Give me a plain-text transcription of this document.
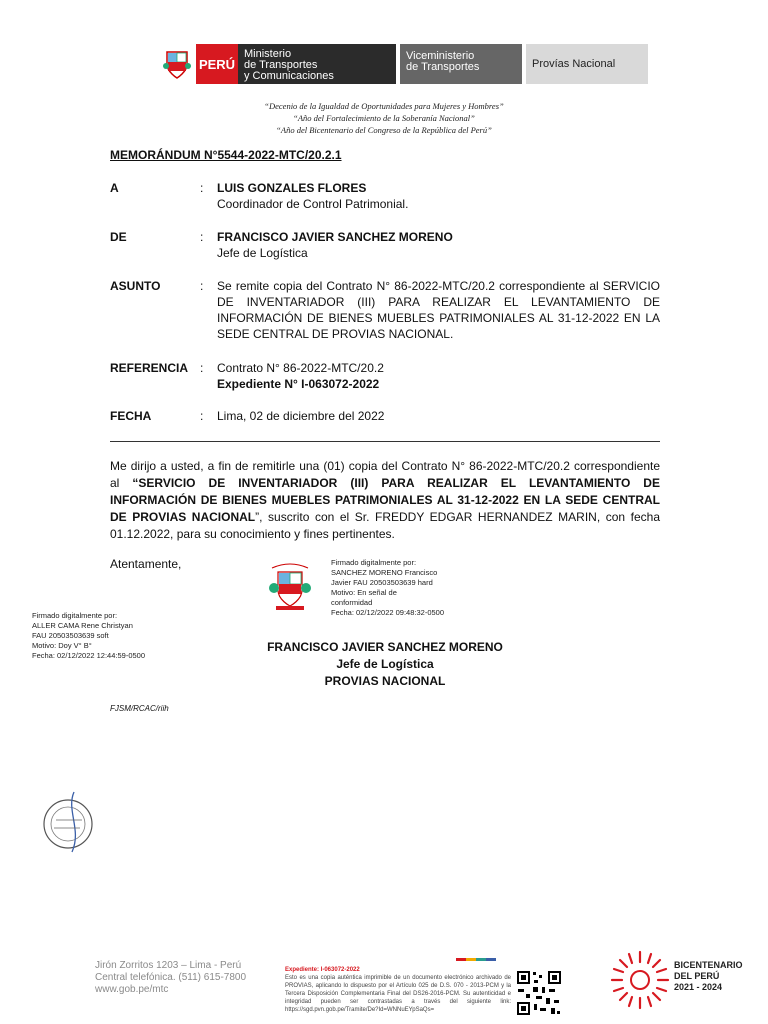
PERÚ
Ministerio
de Transportes
y Comunicaciones
Viceministerio
de Transportes	Provías Nacional
“Decenio de la Igualdad de Oportunidades para Mujeres y Hombres”
“Año del Fortalecimiento de la Soberanía Nacional”
“Año del Bicentenario del Congreso de la República del Perú”
MEMORÁNDUM N°5544-2022-MTC/20.2.1
A	: LUIS GONZALES FLORES
Coordinador de Control Patrimonial.
DE	: FRANCISCO JAVIER SANCHEZ MORENO
Jefe de Logística
ASUNTO	: Se remite copia del Contrato N° 86-2022-MTC/20.2 correspondiente al SERVICIO DE INVENTARIADOR (III) PARA REALIZAR EL LEVANTAMIENTO DE INFORMACIÓN DE BIENES MUEBLES PATRIMONIALES AL 31-12-2022 EN LA SEDE CENTRAL DE PROVIAS NACIONAL.
REFERENCIA : Contrato N° 86-2022-MTC/20.2
Expediente N° I-063072-2022
FECHA	: Lima, 02 de diciembre del 2022
Me dirijo a usted, a fin de remitirle una (01) copia del Contrato N° 86-2022-MTC/20.2 correspondiente al “SERVICIO DE INVENTARIADOR (III) PARA REALIZAR EL LEVANTAMIENTO DE INFORMACIÓN DE BIENES MUEBLES PATRIMONIALES AL 31-12-2022 EN LA SEDE CENTRAL DE PROVIAS NACIONAL”, suscrito con el Sr. FREDDY EDGAR HERNANDEZ MARIN, con fecha 01.12.2022, para su conocimiento y fines pertinentes.
Atentamente,	Firmado digitalmente por:
SANCHEZ MORENO Francisco
Javier FAU 20503503639 hard
Motivo: En señal de
conformidad
Fecha: 02/12/2022 09:48:32-0500
Firmado digitalmente por:
ALLER CAMA Rene Christyan
FAU 20503503639 soft
Motivo: Doy V° B°
Fecha: 02/12/2022 12:44:59-0500
FRANCISCO JAVIER SANCHEZ MORENO
Jefe de Logística
PROVIAS NACIONAL
FJSM/RCAC/riih
Jirón Zorritos 1203 – Lima - Perú
Central telefónica. (511) 615-7800
www.gob.pe/mtc
Expediente: I-063072-2022
Esto es una copia auténtica imprimible de un documento electrónico archivado de PROVIAS, aplicando lo dispuesto por el Artículo 025 de D.S. 070 - 2013-PCM y la Tercera Disposición Complementaria Final del DS26-2016-PCM. Su autenticidad e integridad pueden ser contrastadas a través del siguiente link: https://sgd.pvn.gob.pe/Tramite/De?Id=WNNuEYpSaQs=
BICENTENARIO
DEL PERÚ
2021 - 2024
